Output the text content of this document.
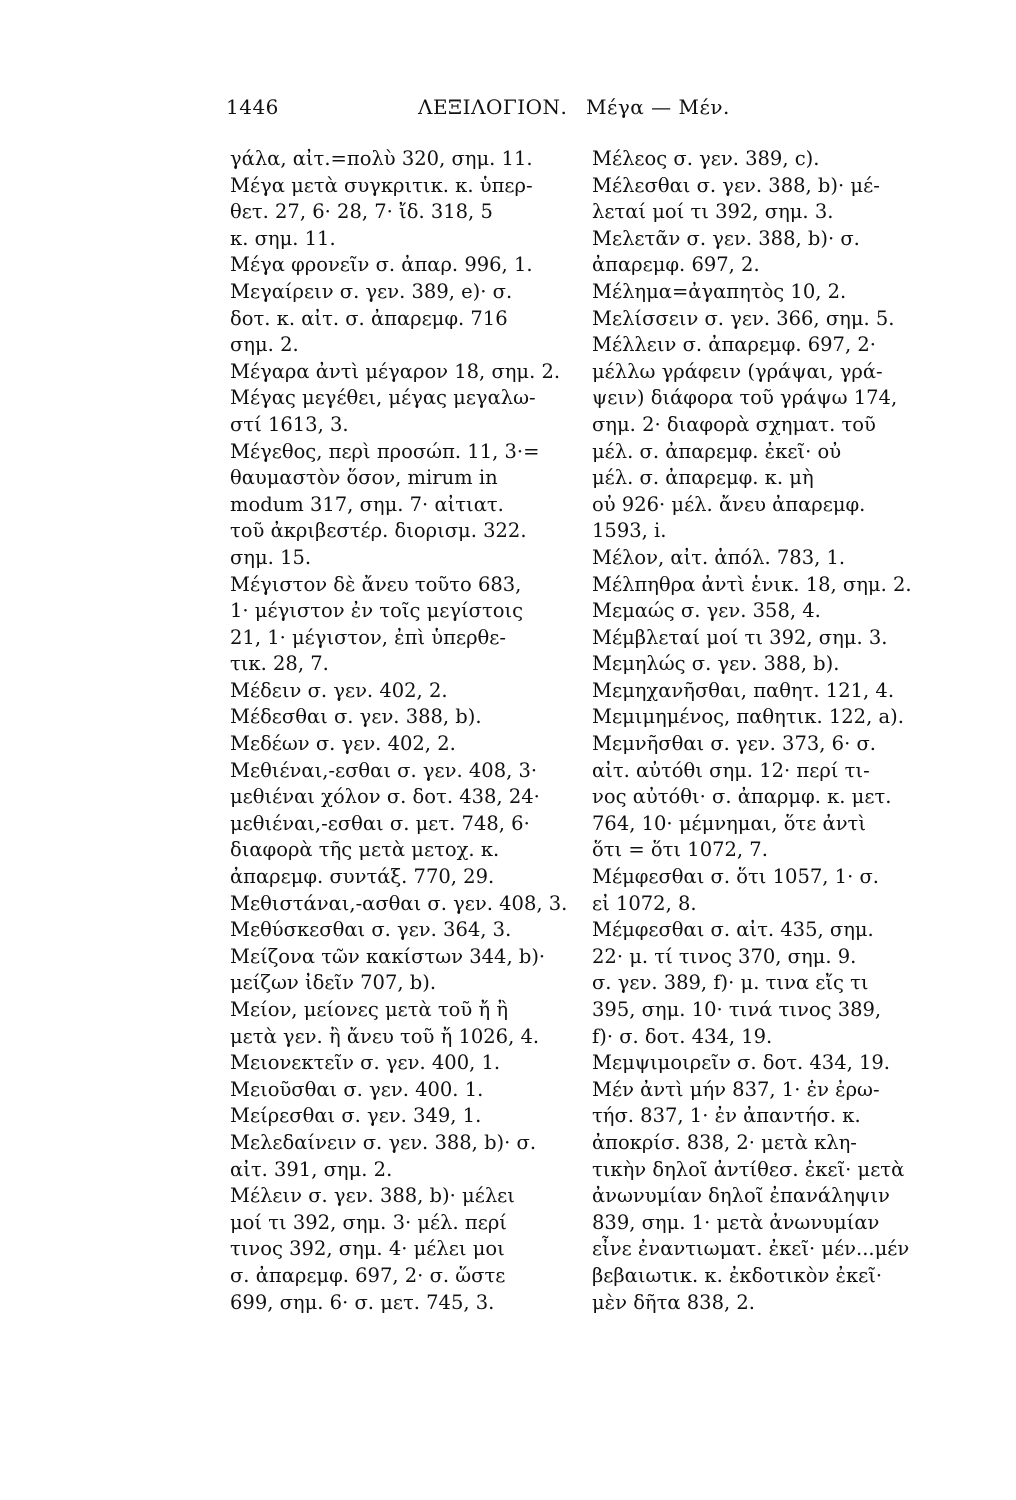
1446	ΛΕΞΙΛΟΓΙΟΝ. Μέγα — Μέν.
γάλα, αἰτ.=πολὺ 320, σημ. 11.
Μέγα μετὰ συγκριτικ. κ. ὑπερ-
θετ. 27, 6· 28, 7· ἴδ. 318, 5
κ. σημ. 11.
Μέγα φρονεῖν σ. ἀπαρ. 996, 1.
Μεγαίρειν σ. γεν. 389, e)· σ.
δοτ. κ. αἰτ. σ. ἀπαρεμφ. 716
σημ. 2.
Μέγαρα ἀντὶ μέγαρον 18, σημ. 2.
Μέγας μεγέθει, μέγας μεγαλω-
στί 1613, 3.
Μέγεθος, περὶ προσώπ. 11, 3·=
θαυμαστὸν ὅσον, mirum in
modum 317, σημ. 7· αἰτιατ.
τοῦ ἀκριβεστέρ. διορισμ. 322.
σημ. 15.
Μέγιστον δὲ ἄνευ τοῦτο 683,
1· μέγιστον ἐν τοῖς μεγίστοις
21, 1· μέγιστον, ἐπὶ ὑπερθε-
τικ. 28, 7.
Μέδειν σ. γεν. 402, 2.
Μέδεσθαι σ. γεν. 388, b).
Μεδέων σ. γεν. 402, 2.
Μεθιέναι,-εσθαι σ. γεν. 408, 3·
μεθιέναι χόλον σ. δοτ. 438, 24·
μεθιέναι,-εσθαι σ. μετ. 748, 6·
διαφορὰ τῆς μετὰ μετοχ. κ.
ἀπαρεμφ. συντάξ. 770, 29.
Μεθιστάναι,-ασθαι σ. γεν. 408, 3.
Μεθύσκεσθαι σ. γεν. 364, 3.
Μείζονα τῶν κακίστων 344, b)·
μείζων ἰδεῖν 707, b).
Μείον, μείονες μετὰ τοῦ ἤ ἢ
μετὰ γεν. ἢ ἄνευ τοῦ ἤ 1026, 4.
Μειονεκτεῖν σ. γεν. 400, 1.
Μειοῦσθαι σ. γεν. 400. 1.
Μείρεσθαι σ. γεν. 349, 1.
Μελεδαίνειν σ. γεν. 388, b)· σ.
αἰτ. 391, σημ. 2.
Μέλειν σ. γεν. 388, b)· μέλει
μοί τι 392, σημ. 3· μέλ. περί
τινος 392, σημ. 4· μέλει μοι
σ. ἀπαρεμφ. 697, 2· σ. ὥστε
699, σημ. 6· σ. μετ. 745, 3.
Μέλεος σ. γεν. 389, c).
Μέλεσθαι σ. γεν. 388, b)· μέ-
λεταί μοί τι 392, σημ. 3.
Μελετᾶν σ. γεν. 388, b)· σ.
ἀπαρεμφ. 697, 2.
Μέλημα=ἀγαπητὸς 10, 2.
Μελίσσειν σ. γεν. 366, σημ. 5.
Μέλλειν σ. ἀπαρεμφ. 697, 2·
μέλλω γράφειν (γράψαι, γρά-
ψειν) διάφορα τοῦ γράψω 174,
σημ. 2· διαφορὰ σχηματ. τοῦ
μέλ. σ. ἀπαρεμφ. ἐκεῖ· οὐ
μέλ. σ. ἀπαρεμφ. κ. μὴ
οὐ 926· μέλ. ἄνευ ἀπαρεμφ.
1593, i.
Μέλον, αἰτ. ἀπόλ. 783, 1.
Μέλπηθρα ἀντὶ ἑνικ. 18, σημ. 2.
Μεμαώς σ. γεν. 358, 4.
Μέμβλεταί μοί τι 392, σημ. 3.
Μεμηλώς σ. γεν. 388, b).
Μεμηχανῆσθαι, παθητ. 121, 4.
Μεμιμημένος, παθητικ. 122, a).
Μεμνῆσθαι σ. γεν. 373, 6· σ.
αἰτ. αὐτόθι σημ. 12· περί τι-
νος αὐτόθι· σ. ἀπαρμφ. κ. μετ.
764, 10· μέμνημαι, ὅτε ἀντὶ
ὅτι = ὅτι 1072, 7.
Μέμφεσθαι σ. ὅτι 1057, 1· σ.
εἰ 1072, 8.
Μέμφεσθαι σ. αἰτ. 435, σημ.
22· μ. τί τινος 370, σημ. 9.
σ. γεν. 389, f)· μ. τινα εἴς τι
395, σημ. 10· τινά τινος 389,
f)· σ. δοτ. 434, 19.
Μεμψιμοιρεῖν σ. δοτ. 434, 19.
Μέν ἀντὶ μήν 837, 1· ἐν ἐρω-
τήσ. 837, 1· ἐν ἀπαντήσ. κ.
ἀποκρίσ. 838, 2· μετὰ κλη-
τικὴν δηλοῖ ἀντίθεσ. ἐκεῖ· μετὰ
ἀνωνυμίαν δηλοῖ ἐπανάληψιν
839, σημ. 1· μετὰ ἀνωνυμίαν
εἶνε ἐναντιωματ. ἐκεῖ· μέν...μέν
βεβαιωτικ. κ. ἐκδοτικὸν ἐκεῖ·
μὲν δῆτα 838, 2.
